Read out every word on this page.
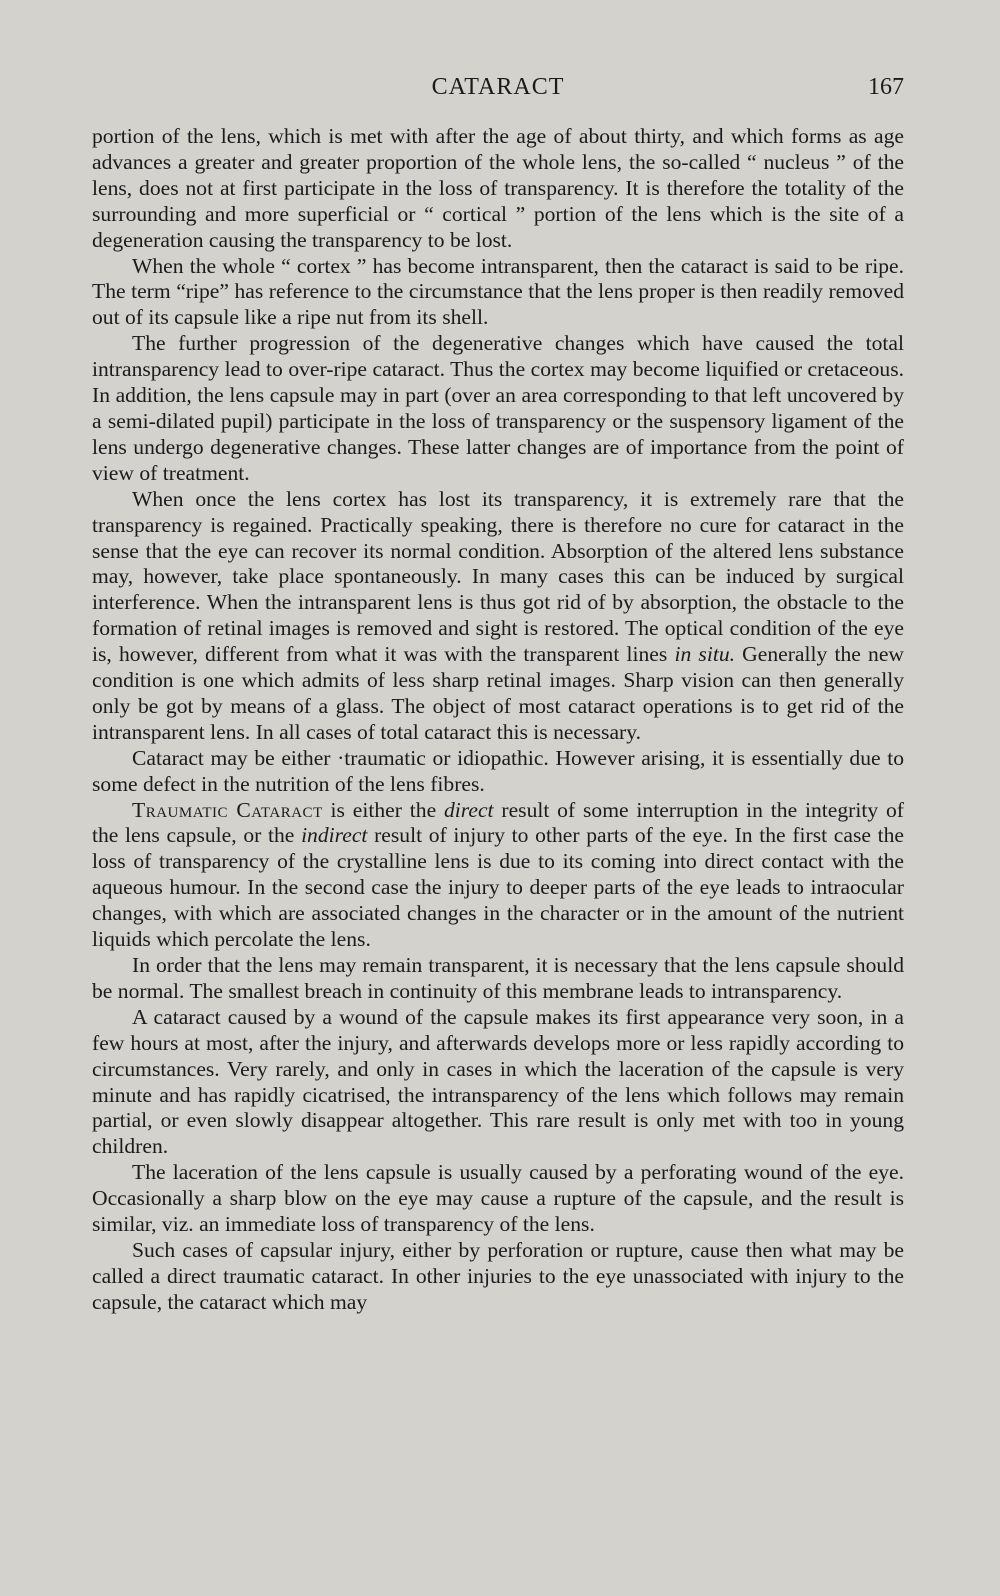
CATARACT	167

portion of the lens, which is met with after the age of about thirty, and which forms as age advances a greater and greater proportion of the whole lens, the so-called “ nucleus ” of the lens, does not at first participate in the loss of transparency. It is therefore the totality of the surrounding and more superficial or “ cortical ” portion of the lens which is the site of a degeneration causing the transparency to be lost.

When the whole “ cortex ” has become intransparent, then the cataract is said to be ripe. The term “ripe” has reference to the circumstance that the lens proper is then readily removed out of its capsule like a ripe nut from its shell.

The further progression of the degenerative changes which have caused the total intransparency lead to over-ripe cataract. Thus the cortex may become liquified or cretaceous. In addition, the lens capsule may in part (over an area corresponding to that left uncovered by a semi-dilated pupil) participate in the loss of transparency or the suspensory ligament of the lens undergo degenerative changes. These latter changes are of importance from the point of view of treatment.

When once the lens cortex has lost its transparency, it is extremely rare that the transparency is regained. Practically speaking, there is therefore no cure for cataract in the sense that the eye can recover its normal condition. Absorption of the altered lens substance may, however, take place spontaneously. In many cases this can be induced by surgical interference. When the intransparent lens is thus got rid of by absorption, the obstacle to the formation of retinal images is removed and sight is restored. The optical condition of the eye is, however, different from what it was with the transparent lines in situ. Generally the new condition is one which admits of less sharp retinal images. Sharp vision can then generally only be got by means of a glass. The object of most cataract operations is to get rid of the intransparent lens. In all cases of total cataract this is necessary.

Cataract may be either ·traumatic or idiopathic. However arising, it is essentially due to some defect in the nutrition of the lens fibres.

Traumatic Cataract is either the direct result of some interruption in the integrity of the lens capsule, or the indirect result of injury to other parts of the eye. In the first case the loss of transparency of the crystalline lens is due to its coming into direct contact with the aqueous humour. In the second case the injury to deeper parts of the eye leads to intraocular changes, with which are associated changes in the character or in the amount of the nutrient liquids which percolate the lens.

In order that the lens may remain transparent, it is necessary that the lens capsule should be normal. The smallest breach in continuity of this membrane leads to intransparency.

A cataract caused by a wound of the capsule makes its first appearance very soon, in a few hours at most, after the injury, and afterwards develops more or less rapidly according to circumstances. Very rarely, and only in cases in which the laceration of the capsule is very minute and has rapidly cicatrised, the intransparency of the lens which follows may remain partial, or even slowly disappear altogether. This rare result is only met with too in young children.

The laceration of the lens capsule is usually caused by a perforating wound of the eye. Occasionally a sharp blow on the eye may cause a rupture of the capsule, and the result is similar, viz. an immediate loss of transparency of the lens.

Such cases of capsular injury, either by perforation or rupture, cause then what may be called a direct traumatic cataract. In other injuries to the eye unassociated with injury to the capsule, the cataract which may
